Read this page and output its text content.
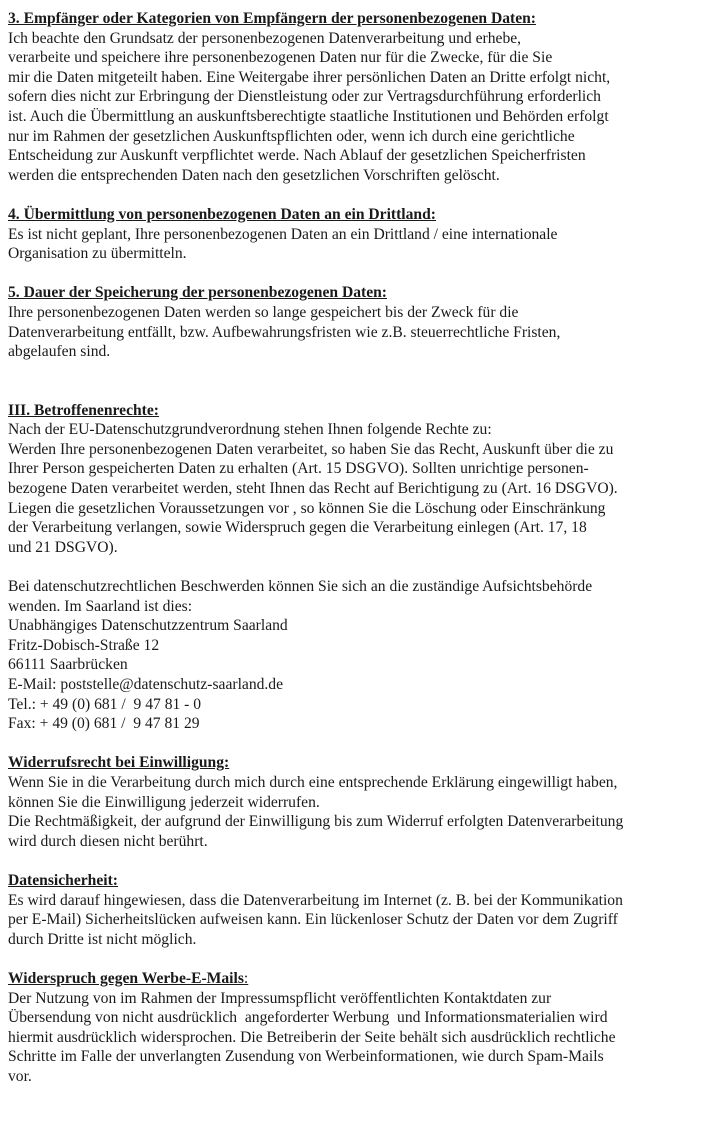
3. Empfänger oder Kategorien von Empfängern der personenbezogenen Daten:
Ich beachte den Grundsatz der personenbezogenen Datenverarbeitung und erhebe,
verarbeite und speichere ihre personenbezogenen Daten nur für die Zwecke, für die Sie
mir die Daten mitgeteilt haben. Eine Weitergabe ihrer persönlichen Daten an Dritte erfolgt nicht,
sofern dies nicht zur Erbringung der Dienstleistung oder zur Vertragsdurchführung erforderlich
ist. Auch die Übermittlung an auskunftsberechtigte staatliche Institutionen und Behörden erfolgt
nur im Rahmen der gesetzlichen Auskunftspflichten oder, wenn ich durch eine gerichtliche
Entscheidung zur Auskunft verpflichtet werde. Nach Ablauf der gesetzlichen Speicherfristen
werden die entsprechenden Daten nach den gesetzlichen Vorschriften gelöscht.
4. Übermittlung von personenbezogenen Daten an ein Drittland:
Es ist nicht geplant, Ihre personenbezogenen Daten an ein Drittland / eine internationale
Organisation zu übermitteln.
5. Dauer der Speicherung der personenbezogenen Daten:
Ihre personenbezogenen Daten werden so lange gespeichert bis der Zweck für die
Datenverarbeitung entfällt, bzw. Aufbewahrungsfristen wie z.B. steuerrechtliche Fristen,
abgelaufen sind.
III. Betroffenenrechte:
Nach der EU-Datenschutzgrundverordnung stehen Ihnen folgende Rechte zu:
Werden Ihre personenbezogenen Daten verarbeitet, so haben Sie das Recht, Auskunft über die zu
Ihrer Person gespeicherten Daten zu erhalten (Art. 15 DSGVO). Sollten unrichtige personen-
bezogene Daten verarbeitet werden, steht Ihnen das Recht auf Berichtigung zu (Art. 16 DSGVO).
Liegen die gesetzlichen Voraussetzungen vor , so können Sie die Löschung oder Einschränkung
der Verarbeitung verlangen, sowie Widerspruch gegen die Verarbeitung einlegen (Art. 17, 18
und 21 DSGVO).
Bei datenschutzrechtlichen Beschwerden können Sie sich an die zuständige Aufsichtsbehörde
wenden. Im Saarland ist dies:
Unabhängiges Datenschutzzentrum Saarland
Fritz-Dobisch-Straße 12
66111 Saarbrücken
E-Mail: poststelle@datenschutz-saarland.de
Tel.: + 49 (0) 681 /  9 47 81 - 0
Fax: + 49 (0) 681 /  9 47 81 29
Widerrufsrecht bei Einwilligung:
Wenn Sie in die Verarbeitung durch mich durch eine entsprechende Erklärung eingewilligt haben,
können Sie die Einwilligung jederzeit widerrufen.
Die Rechtmäßigkeit, der aufgrund der Einwilligung bis zum Widerruf erfolgten Datenverarbeitung
wird durch diesen nicht berührt.
Datensicherheit:
Es wird darauf hingewiesen, dass die Datenverarbeitung im Internet (z. B. bei der Kommunikation
per E-Mail) Sicherheitslücken aufweisen kann. Ein lückenloser Schutz der Daten vor dem Zugriff
durch Dritte ist nicht möglich.
Widerspruch gegen Werbe-E-Mails:
Der Nutzung von im Rahmen der Impressumspflicht veröffentlichten Kontaktdaten zur
Übersendung von nicht ausdrücklich  angeforderter Werbung  und Informationsmaterialien wird
hiermit ausdrücklich widersprochen. Die Betreiberin der Seite behält sich ausdrücklich rechtliche
Schritte im Falle der unverlangten Zusendung von Werbeinformationen, wie durch Spam-Mails
vor.
